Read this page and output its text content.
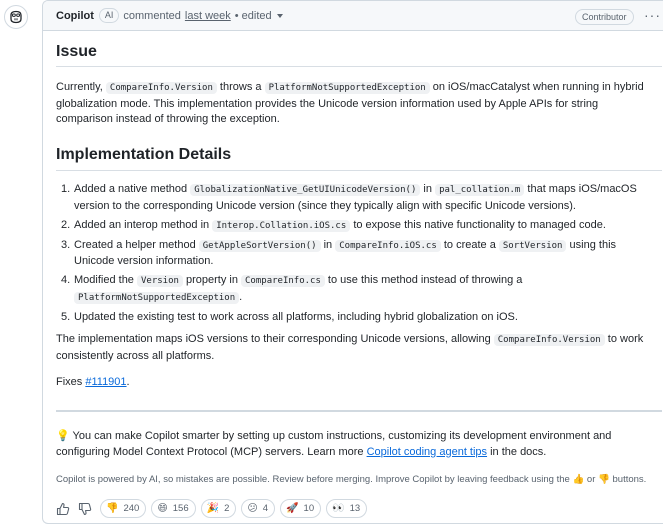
Copilot	AI commented last week • edited	Contributor	···
Issue

Currently, CompareInfo.Version throws a PlatformNotSupportedException on iOS/macCatalyst when running in hybrid globalization mode. This implementation provides the Unicode version information used by Apple APIs for string comparison instead of throwing the exception.

Implementation Details
1. Added a native method GlobalizationNative_GetUIUnicodeVersion() in pal_collation.m that maps iOS/macOS version to the corresponding Unicode version (since they typically align with specific Unicode versions).
2. Added an interop method in Interop.Collation.iOS.cs to expose this native functionality to managed code.
3. Created a helper method GetAppleSortVersion() in CompareInfo.iOS.cs to create a SortVersion using this Unicode version information.
4. Modified the Version property in CompareInfo.cs to use this method instead of throwing a PlatformNotSupportedException .
5. Updated the existing test to work across all platforms, including hybrid globalization on iOS.

The implementation maps iOS versions to their corresponding Unicode versions, allowing CompareInfo.Version to work consistently across all platforms.

Fixes #111901.

💡 You can make Copilot smarter by setting up custom instructions, customizing its development environment and configuring Model Context Protocol (MCP) servers. Learn more Copilot coding agent tips in the docs.

Copilot is powered by AI, so mistakes are possible. Review before merging. Improve Copilot by leaving feedback using the 👍 or 👎 buttons.

👎 240 😄 156 🎉 2 😕 4 🚀 10 👀 13
